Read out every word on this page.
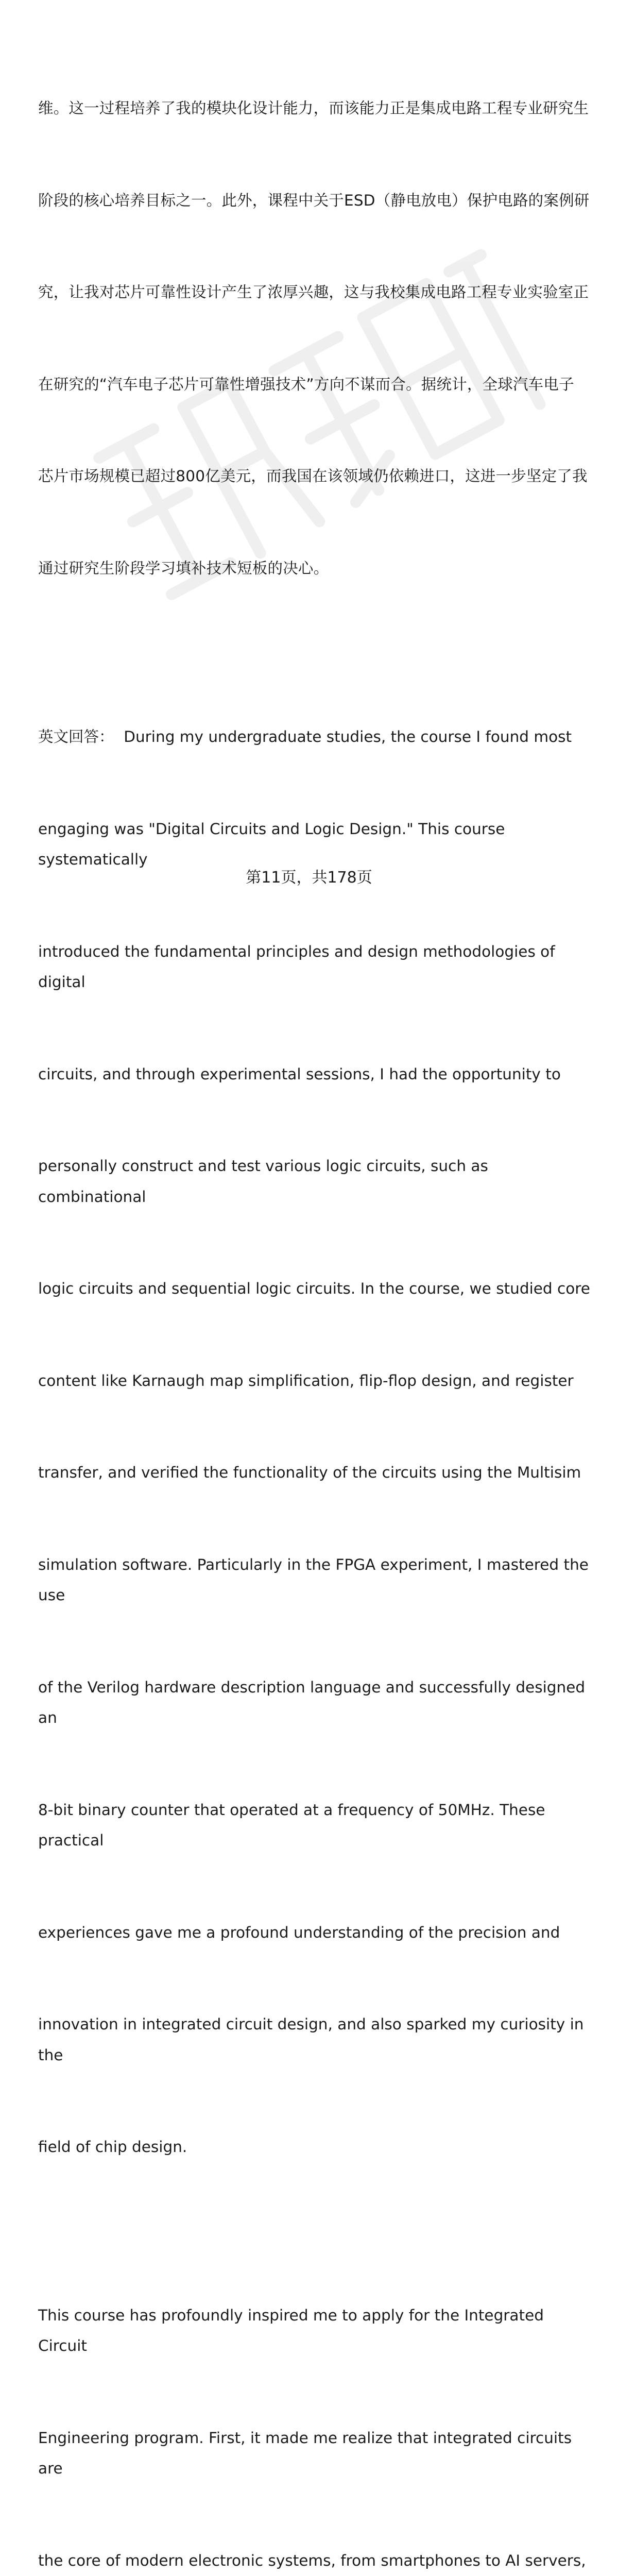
维。这一过程培养了我的模块化设计能力，而该能力正是集成电路工程专业研究生

阶段的核心培养目标之一。此外，课程中关于ESD（静电放电）保护电路的案例研

究，让我对芯片可靠性设计产生了浓厚兴趣，这与我校集成电路工程专业实验室正

在研究的“汽车电子芯片可靠性增强技术”方向不谋而合。据统计，全球汽车电子

芯片市场规模已超过800亿美元，而我国在该领域仍依赖进口，这进一步坚定了我

通过研究生阶段学习填补技术短板的决心。

英文回答：  During my undergraduate studies, the course I found most

engaging was "Digital Circuits and Logic Design." This course systematically

introduced the fundamental principles and design methodologies of digital

circuits, and through experimental sessions, I had the opportunity to

personally construct and test various logic circuits, such as combinational

logic circuits and sequential logic circuits. In the course, we studied core

content like Karnaugh map simplification, flip-flop design, and register

transfer, and verified the functionality of the circuits using the Multisim

simulation software. Particularly in the FPGA experiment, I mastered the use

of the Verilog hardware description language and successfully designed an

8-bit binary counter that operated at a frequency of 50MHz. These practical

experiences gave me a profound understanding of the precision and

innovation in integrated circuit design, and also sparked my curiosity in the

field of chip design.

This course has profoundly inspired me to apply for the Integrated Circuit

Engineering program. First, it made me realize that integrated circuits are

the core of modern electronic systems, from smartphones to AI servers,

第11页，共178页
